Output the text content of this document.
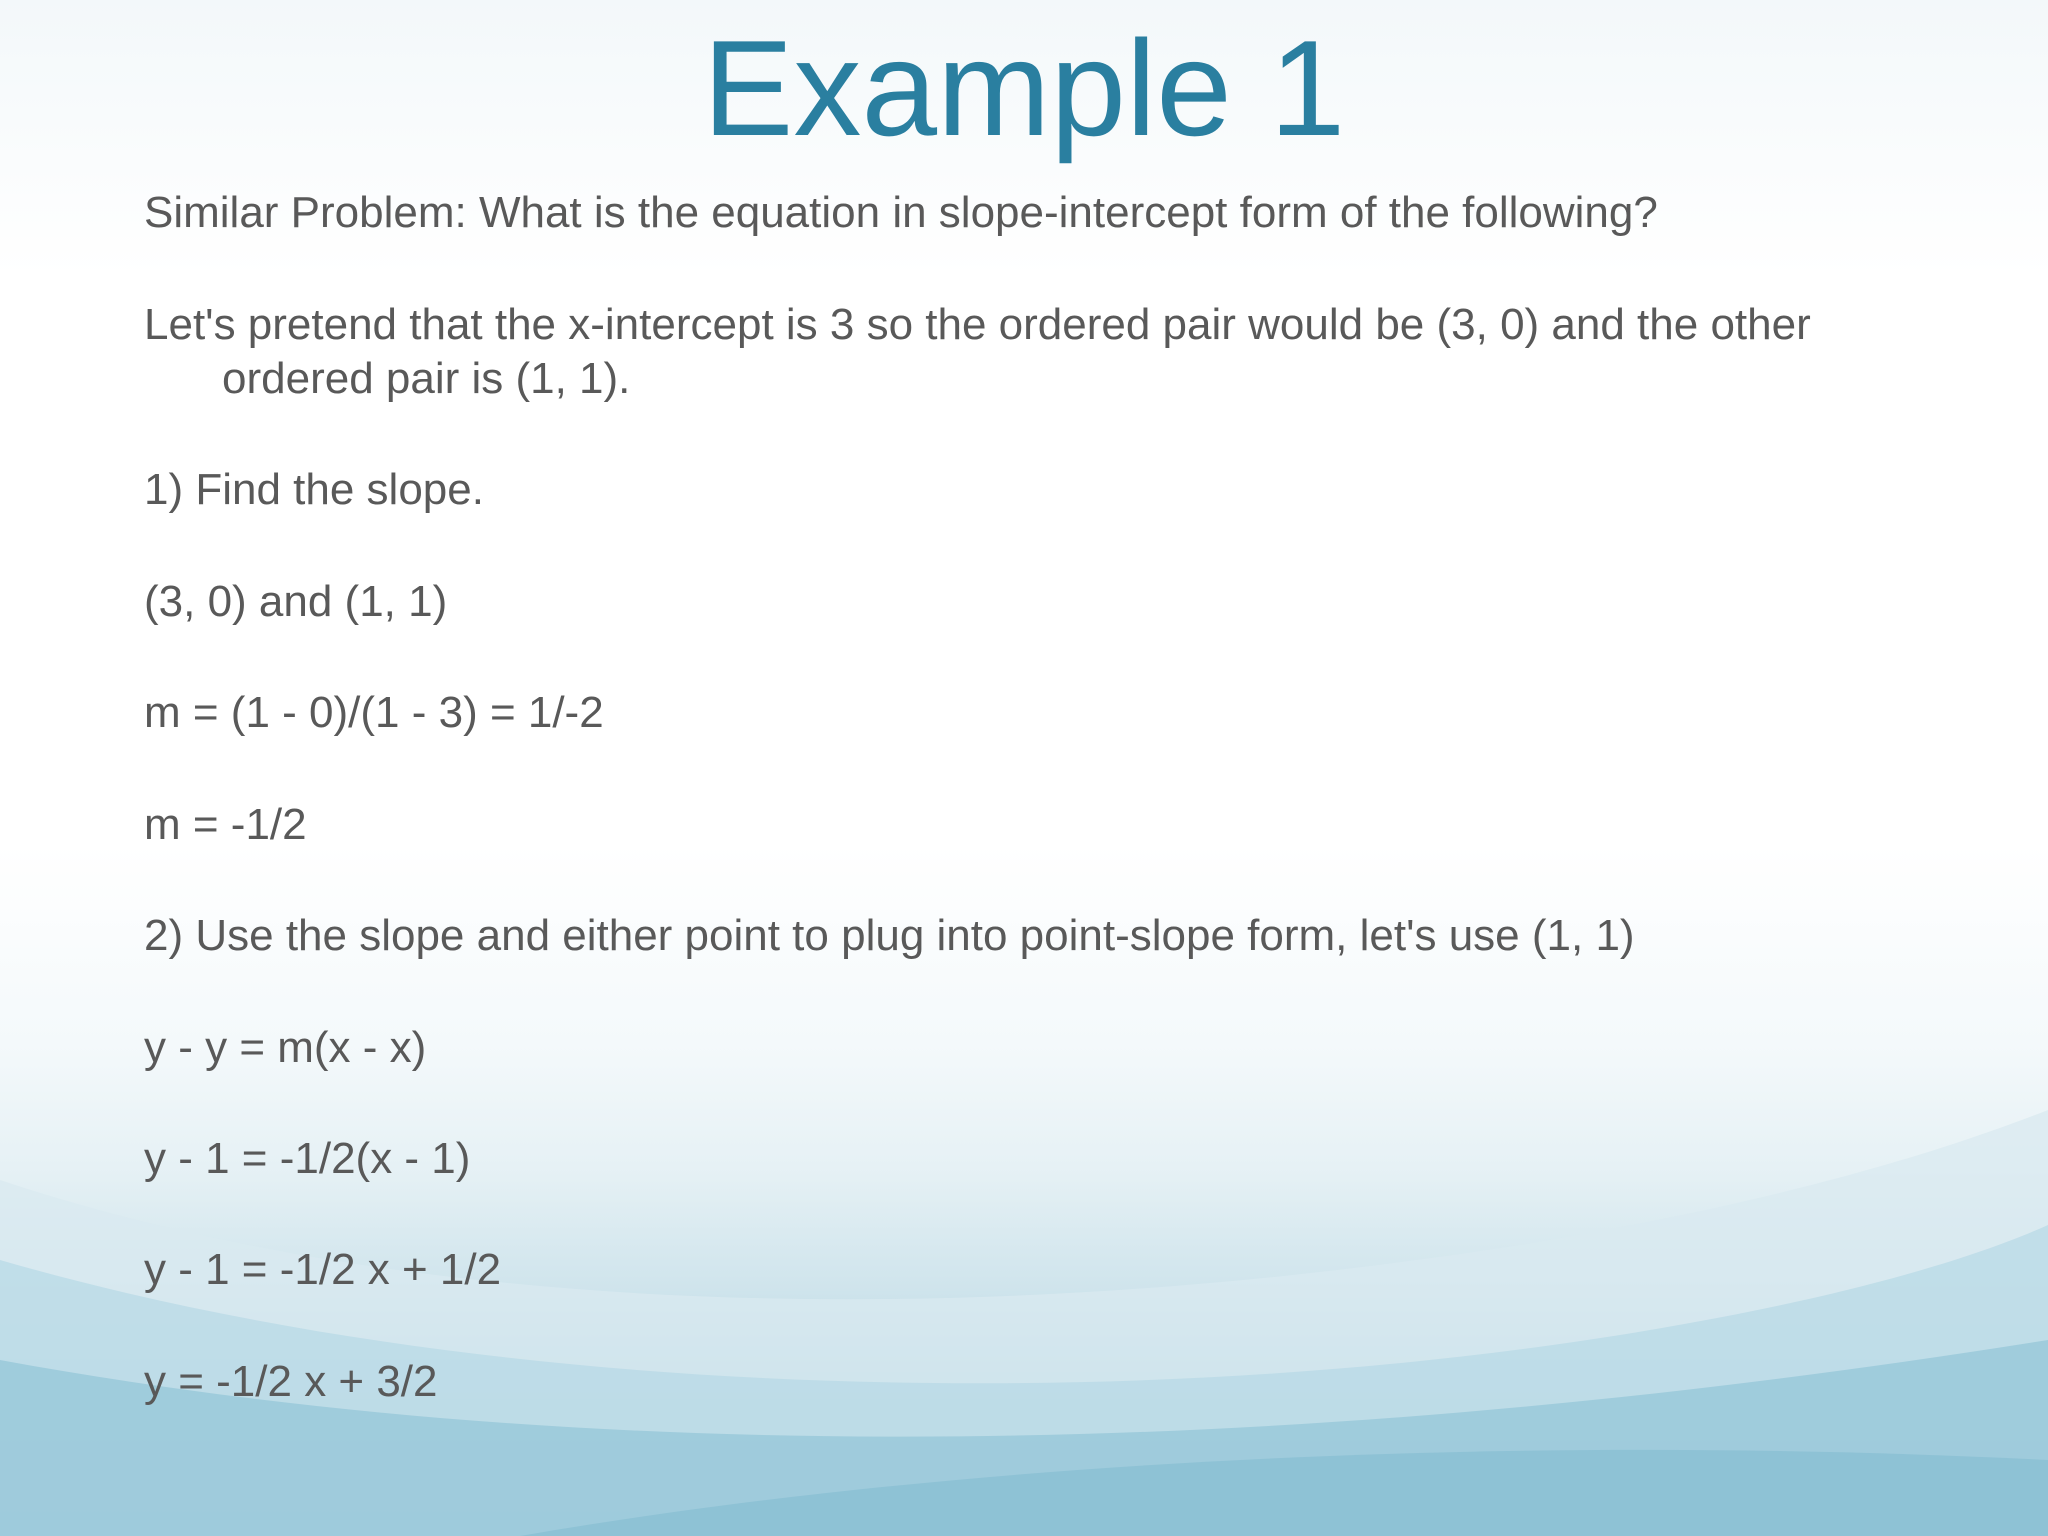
Example 1
Similar Problem: What is the equation in slope-intercept form of the following?
Let's pretend that the x-intercept is 3 so the ordered pair would be (3, 0) and the other
ordered pair is (1, 1).
1) Find the slope.
(3, 0) and (1, 1)
m = (1 - 0)/(1 - 3) = 1/-2
m = -1/2
2) Use the slope and either point to plug into point-slope form, let's use (1, 1)
y - y = m(x - x)
y - 1 = -1/2(x - 1)
y - 1 = -1/2 x + 1/2
y = -1/2 x + 3/2
